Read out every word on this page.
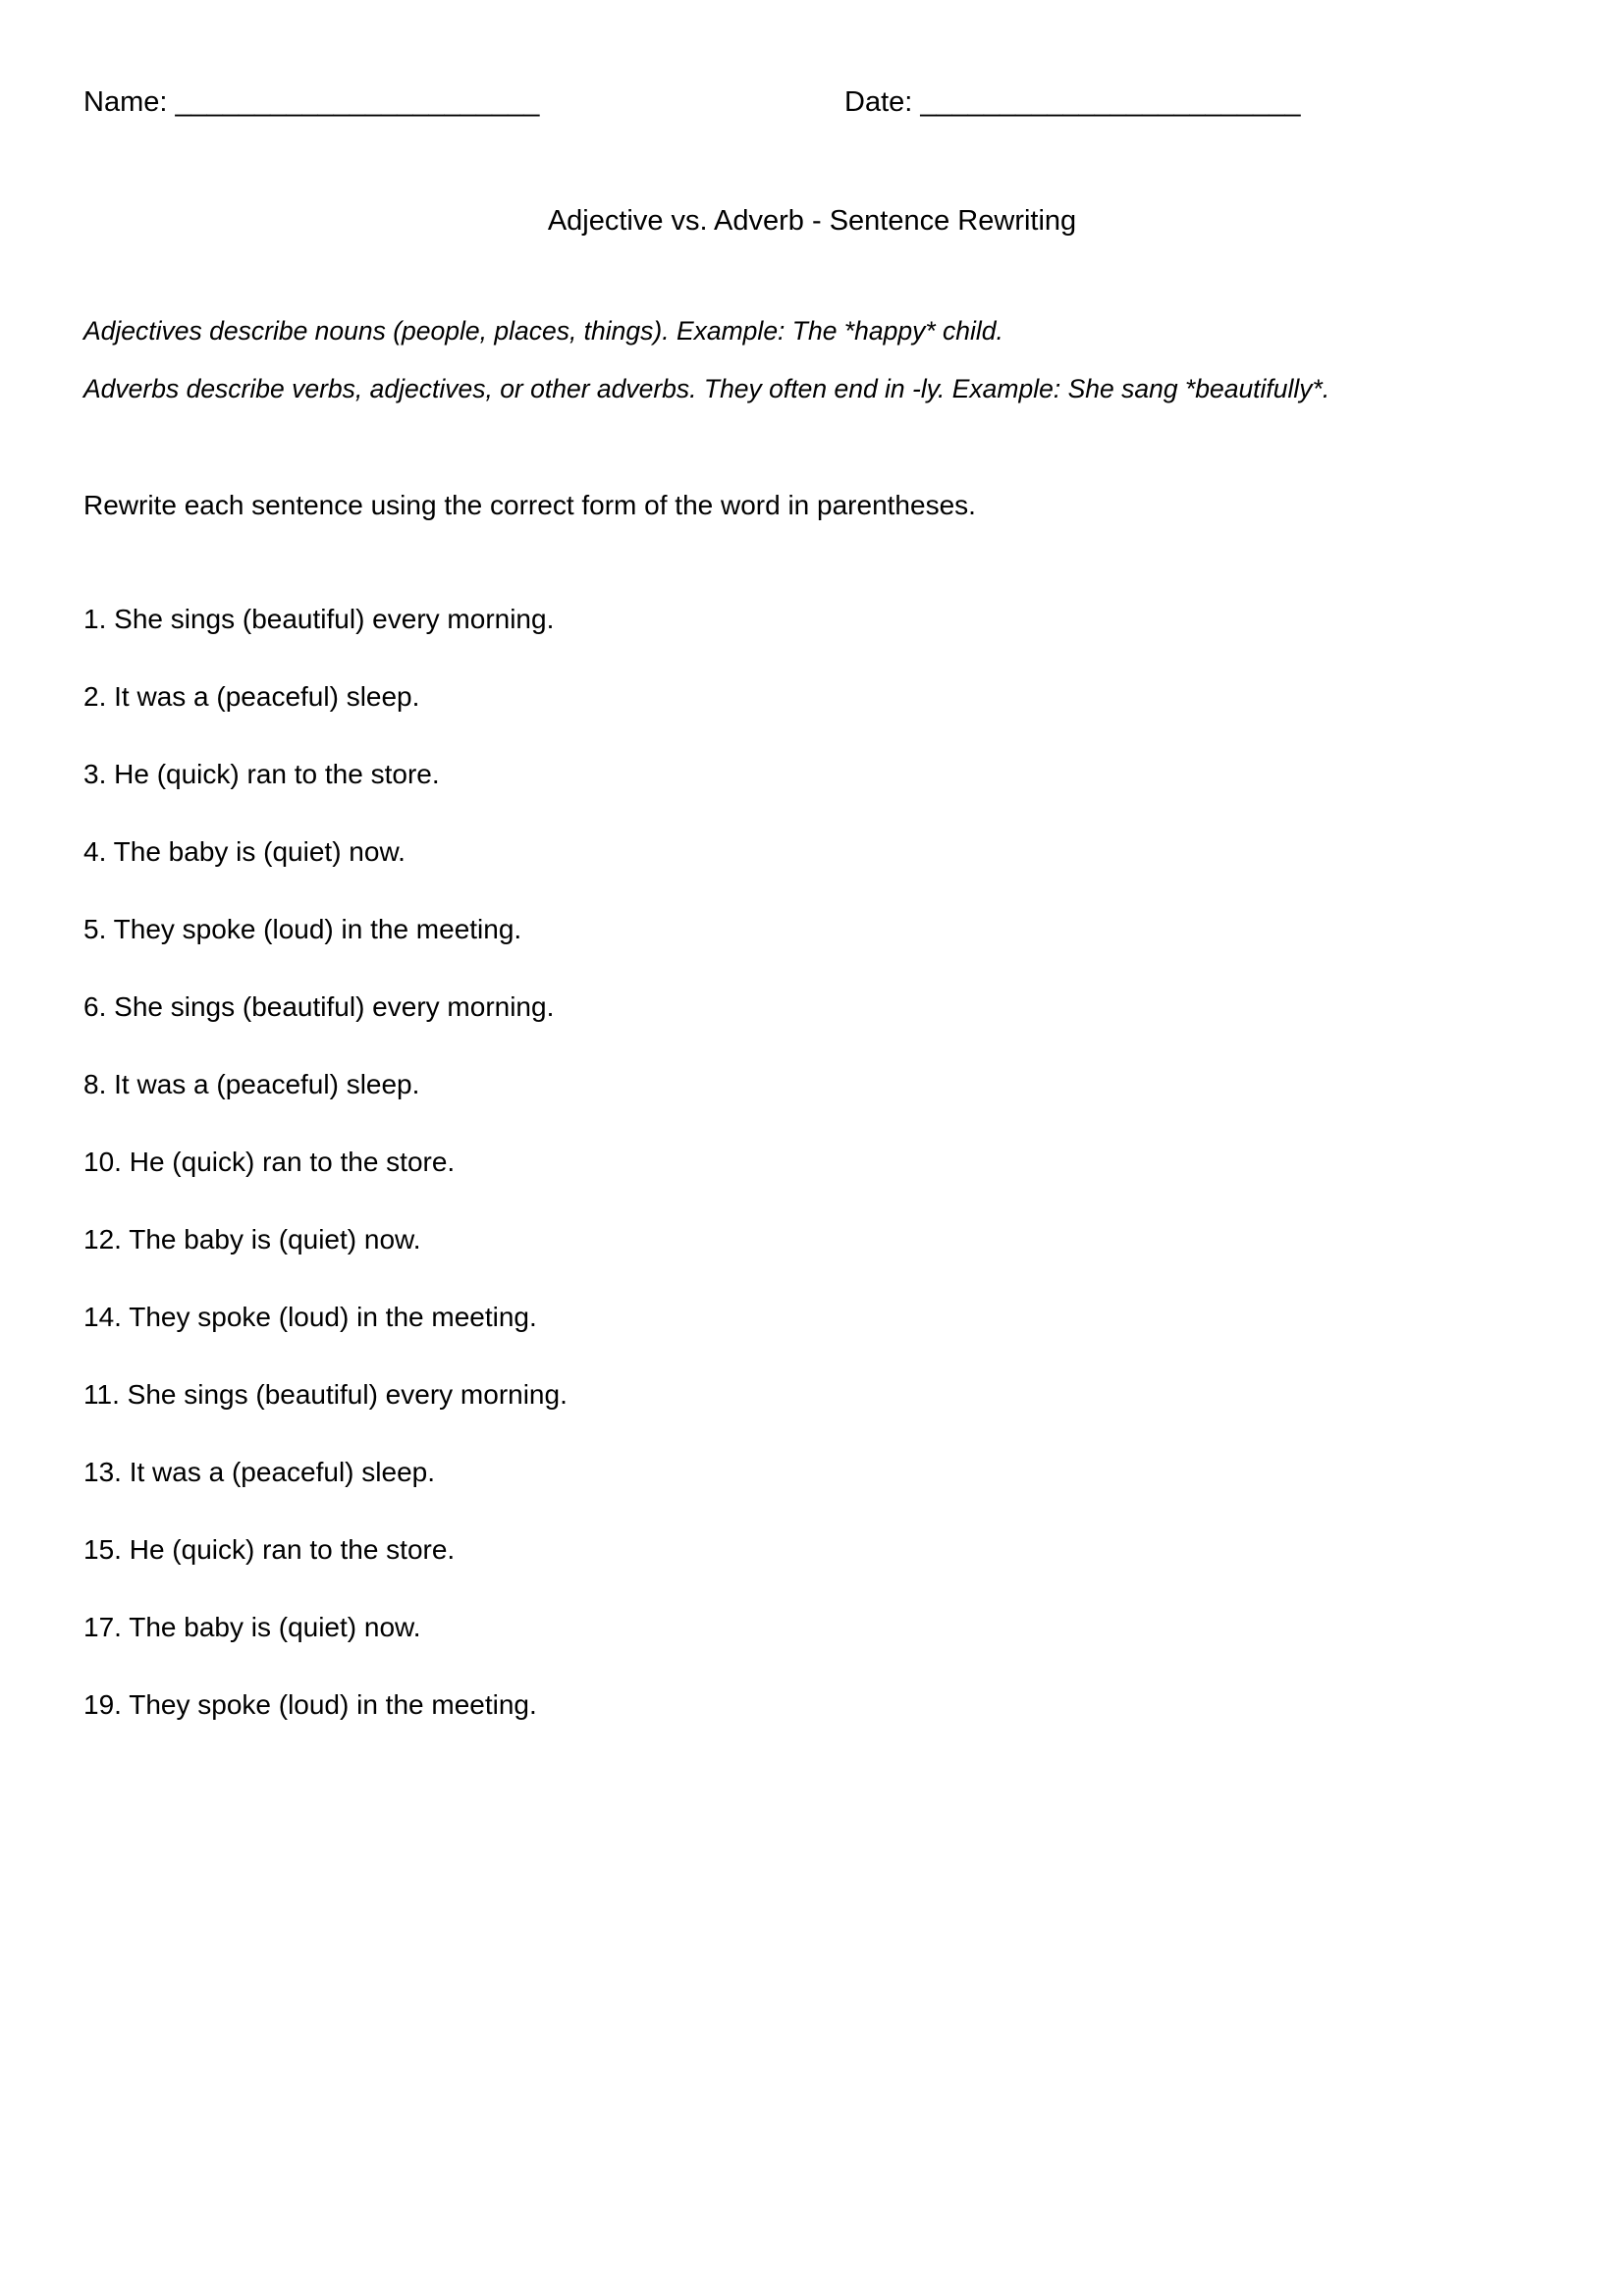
Name: _______________________	Date: ________________________
Adjective vs. Adverb - Sentence Rewriting
Adjectives describe nouns (people, places, things). Example: The *happy* child.
Adverbs describe verbs, adjectives, or other adverbs. They often end in -ly. Example: She sang *beautifully*.
Rewrite each sentence using the correct form of the word in parentheses.
1. She sings (beautiful) every morning.
2. It was a (peaceful) sleep.
3. He (quick) ran to the store.
4. The baby is (quiet) now.
5. They spoke (loud) in the meeting.
6. She sings (beautiful) every morning.
8. It was a (peaceful) sleep.
10. He (quick) ran to the store.
12. The baby is (quiet) now.
14. They spoke (loud) in the meeting.
11. She sings (beautiful) every morning.
13. It was a (peaceful) sleep.
15. He (quick) ran to the store.
17. The baby is (quiet) now.
19. They spoke (loud) in the meeting.
